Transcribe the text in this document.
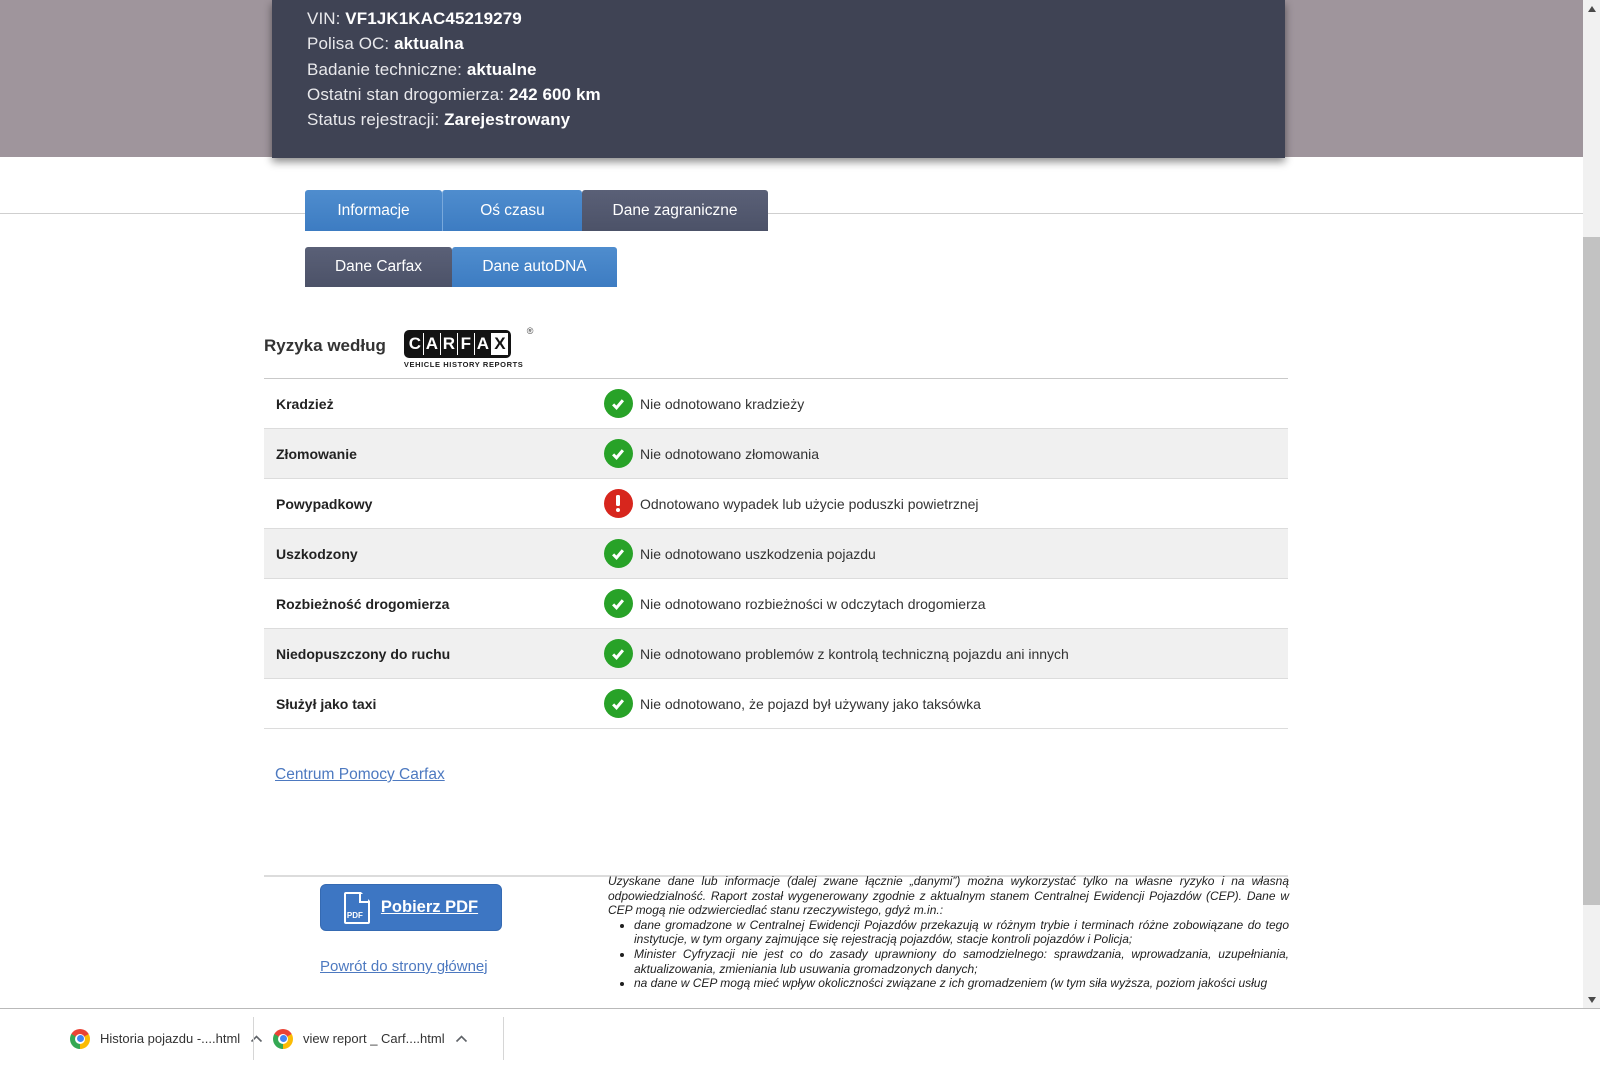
VIN: VF1JK1KAC45219279
Polisa OC: aktualna
Badanie techniczne: aktualne
Ostatni stan drogomierza: 242 600 km
Status rejestracji: Zarejestrowany
Informacje	Oś czasu	Dane zagraniczne
Dane Carfax	Dane autoDNA
Ryzyka według C A R F A X
VEHICLE HISTORY REPORTS
®
Kradzież	Nie odnotowano kradzieży
Złomowanie	Nie odnotowano złomowania
Powypadkowy	Odnotowano wypadek lub użycie poduszki powietrznej
Uszkodzony	Nie odnotowano uszkodzenia pojazdu
Rozbieżność drogomierza	Nie odnotowano rozbieżności w odczytach drogomierza
Niedopuszczony do ruchu	Nie odnotowano problemów z kontrolą techniczną pojazdu ani innych
Służył jako taxi	Nie odnotowano, że pojazd był używany jako taksówka
Centrum Pomocy Carfax
PDF Pobierz PDF
Powrót do strony głównej
Uzyskane dane lub informacje (dalej zwane łącznie „danymi”) można wykorzystać tylko na własne ryzyko i na własną odpowiedzialność. Raport został wygenerowany zgodnie z aktualnym stanem Centralnej Ewidencji Pojazdów (CEP). Dane w CEP mogą nie odzwierciedlać stanu rzeczywistego, gdyż m.in.:
• dane gromadzone w Centralnej Ewidencji Pojazdów przekazują w różnym trybie i terminach różne zobowiązane do tego instytucje, w tym organy zajmujące się rejestracją pojazdów, stacje kontroli pojazdów i Policja;
• Minister Cyfryzacji nie jest co do zasady uprawniony do samodzielnego: sprawdzania, wprowadzania, uzupełniania, aktualizowania, zmieniania lub usuwania gromadzonych danych;
• na dane w CEP mogą mieć wpływ okoliczności związane z ich gromadzeniem (w tym siła wyższa, poziom jakości usług
Historia pojazdu -....html	view report _ Carf....html
